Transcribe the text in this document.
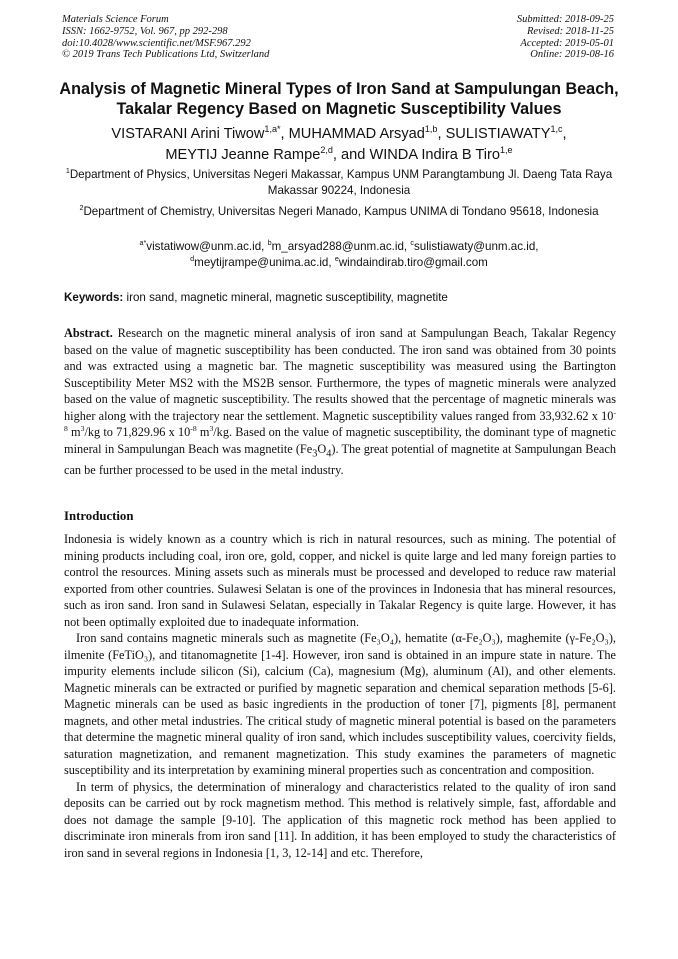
Materials Science Forum
ISSN: 1662-9752, Vol. 967, pp 292-298
doi:10.4028/www.scientific.net/MSF.967.292
© 2019 Trans Tech Publications Ltd, Switzerland
Submitted: 2018-09-25
Revised: 2018-11-25
Accepted: 2019-05-01
Online: 2019-08-16
Analysis of Magnetic Mineral Types of Iron Sand at Sampulungan Beach, Takalar Regency Based on Magnetic Susceptibility Values
VISTARANI Arini Tiwow$^{1,a*}$, MUHAMMAD Arsyad$^{1,b}$, SULISTIAWATY$^{1,c}$,
MEYTIJ Jeanne Rampe$^{2,d}$, and WINDA Indira B Tiro$^{1,e}$
$^1$Department of Physics, Universitas Negeri Makassar, Kampus UNM Parangtambung Jl. Daeng Tata Raya Makassar 90224, Indonesia
$^2$Department of Chemistry, Universitas Negeri Manado, Kampus UNIMA di Tondano 95618, Indonesia
$^{a*}$vistatiwow@unm.ac.id, $^b$m_arsyad288@unm.ac.id, $^c$sulistiawaty@unm.ac.id,
$^d$meytijrampe@unima.ac.id, $^e$windaindirab.tiro@gmail.com
Keywords: iron sand, magnetic mineral, magnetic susceptibility, magnetite
Abstract. Research on the magnetic mineral analysis of iron sand at Sampulungan Beach, Takalar Regency based on the value of magnetic susceptibility has been conducted. The iron sand was obtained from 30 points and was extracted using a magnetic bar. The magnetic susceptibility was measured using the Bartington Susceptibility Meter MS2 with the MS2B sensor. Furthermore, the types of magnetic minerals were analyzed based on the value of magnetic susceptibility. The results showed that the percentage of magnetic minerals was higher along with the trajectory near the settlement. Magnetic susceptibility values ranged from 33,932.62 x $10^{-8}$ $m^3/kg$ to 71,829.96 x $10^{-8}$ $m^3/kg$. Based on the value of magnetic susceptibility, the dominant type of magnetic mineral in Sampulungan Beach was magnetite $(Fe_3O_4)$. The great potential of magnetite at Sampulungan Beach can be further processed to be used in the metal industry.
Introduction

Indonesia is widely known as a country which is rich in natural resources, such as mining. The potential of mining products including coal, iron ore, gold, copper, and nickel is quite large and led many foreign parties to control the resources. Mining assets such as minerals must be processed and developed to reduce raw material exported from other countries. Sulawesi Selatan is one of the provinces in Indonesia that has mineral resources, such as iron sand. Iron sand in Sulawesi Selatan, especially in Takalar Regency is quite large. However, it has not been optimally exploited due to inadequate information.

Iron sand contains magnetic minerals such as magnetite (Fe₃O₄), hematite (α-Fe₂O₃), maghemite (γ-Fe₂O₃), ilmenite (FeTiO₃), and titanomagnetite [1-4]. However, iron sand is obtained in an impure state in nature. The impurity elements include silicon (Si), calcium (Ca), magnesium (Mg), aluminum (Al), and other elements. Magnetic minerals can be extracted or purified by magnetic separation and chemical separation methods [5-6]. Magnetic minerals can be used as basic ingredients in the production of toner [7], pigments [8], permanent magnets, and other metal industries. The critical study of magnetic mineral potential is based on the parameters that determine the magnetic mineral quality of iron sand, which includes susceptibility values, coercivity fields, saturation magnetization, and remanent magnetization. This study examines the parameters of magnetic susceptibility and its interpretation by examining mineral properties such as concentration and composition.

In term of physics, the determination of mineralogy and characteristics related to the quality of iron sand deposits can be carried out by rock magnetism method. This method is relatively simple, fast, affordable and does not damage the sample [9-10]. The application of this magnetic rock method has been applied to discriminate iron minerals from iron sand [11]. In addition, it has been employed to study the characteristics of iron sand in several regions in Indonesia [1, 3, 12-14] and etc. Therefore,
